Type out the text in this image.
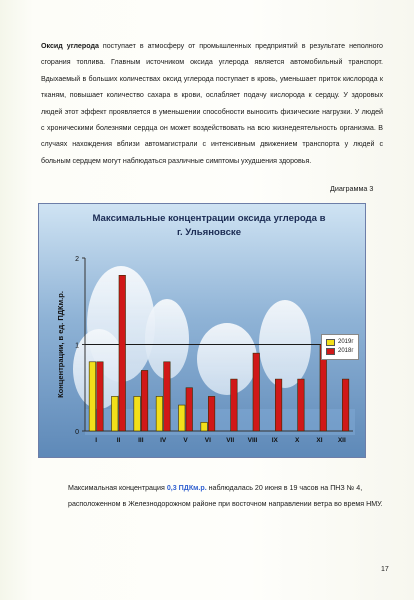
Оксид углерода поступает в атмосферу от промышленных предприятий в результате неполного сгорания топлива. Главным источником оксида углерода является автомобильный транспорт. Вдыхаемый в больших количествах оксид углерода поступает в кровь, уменьшает приток кислорода к тканям, повышает количество сахара в крови, ослабляет подачу кислорода к сердцу. У здоровых людей этот эффект проявляется в уменьшении способности выносить физические нагрузки. У людей с хроническими болезнями сердца он может воздействовать на всю жизнедеятельность организма. В случаях нахождения вблизи автомагистрали с интенсивным движением транспорта у людей с больным сердцем могут наблюдаться различные симптомы ухудшения здоровья.
Диаграмма 3
0
1
2
Концентрации, в ед. ПДКм.р.
I	II	III	IV	V	VI VII VIII IX	X	XI XII
Максимальные концентрации оксида углерода в г. Ульяновске
2019г
2018г
Максимальная концентрация 0,3 ПДКм.р. наблюдалась 20 июня в 19 часов на ПНЗ № 4, расположенном в Железнодорожном районе при восточном направлении ветра во время НМУ.
17
